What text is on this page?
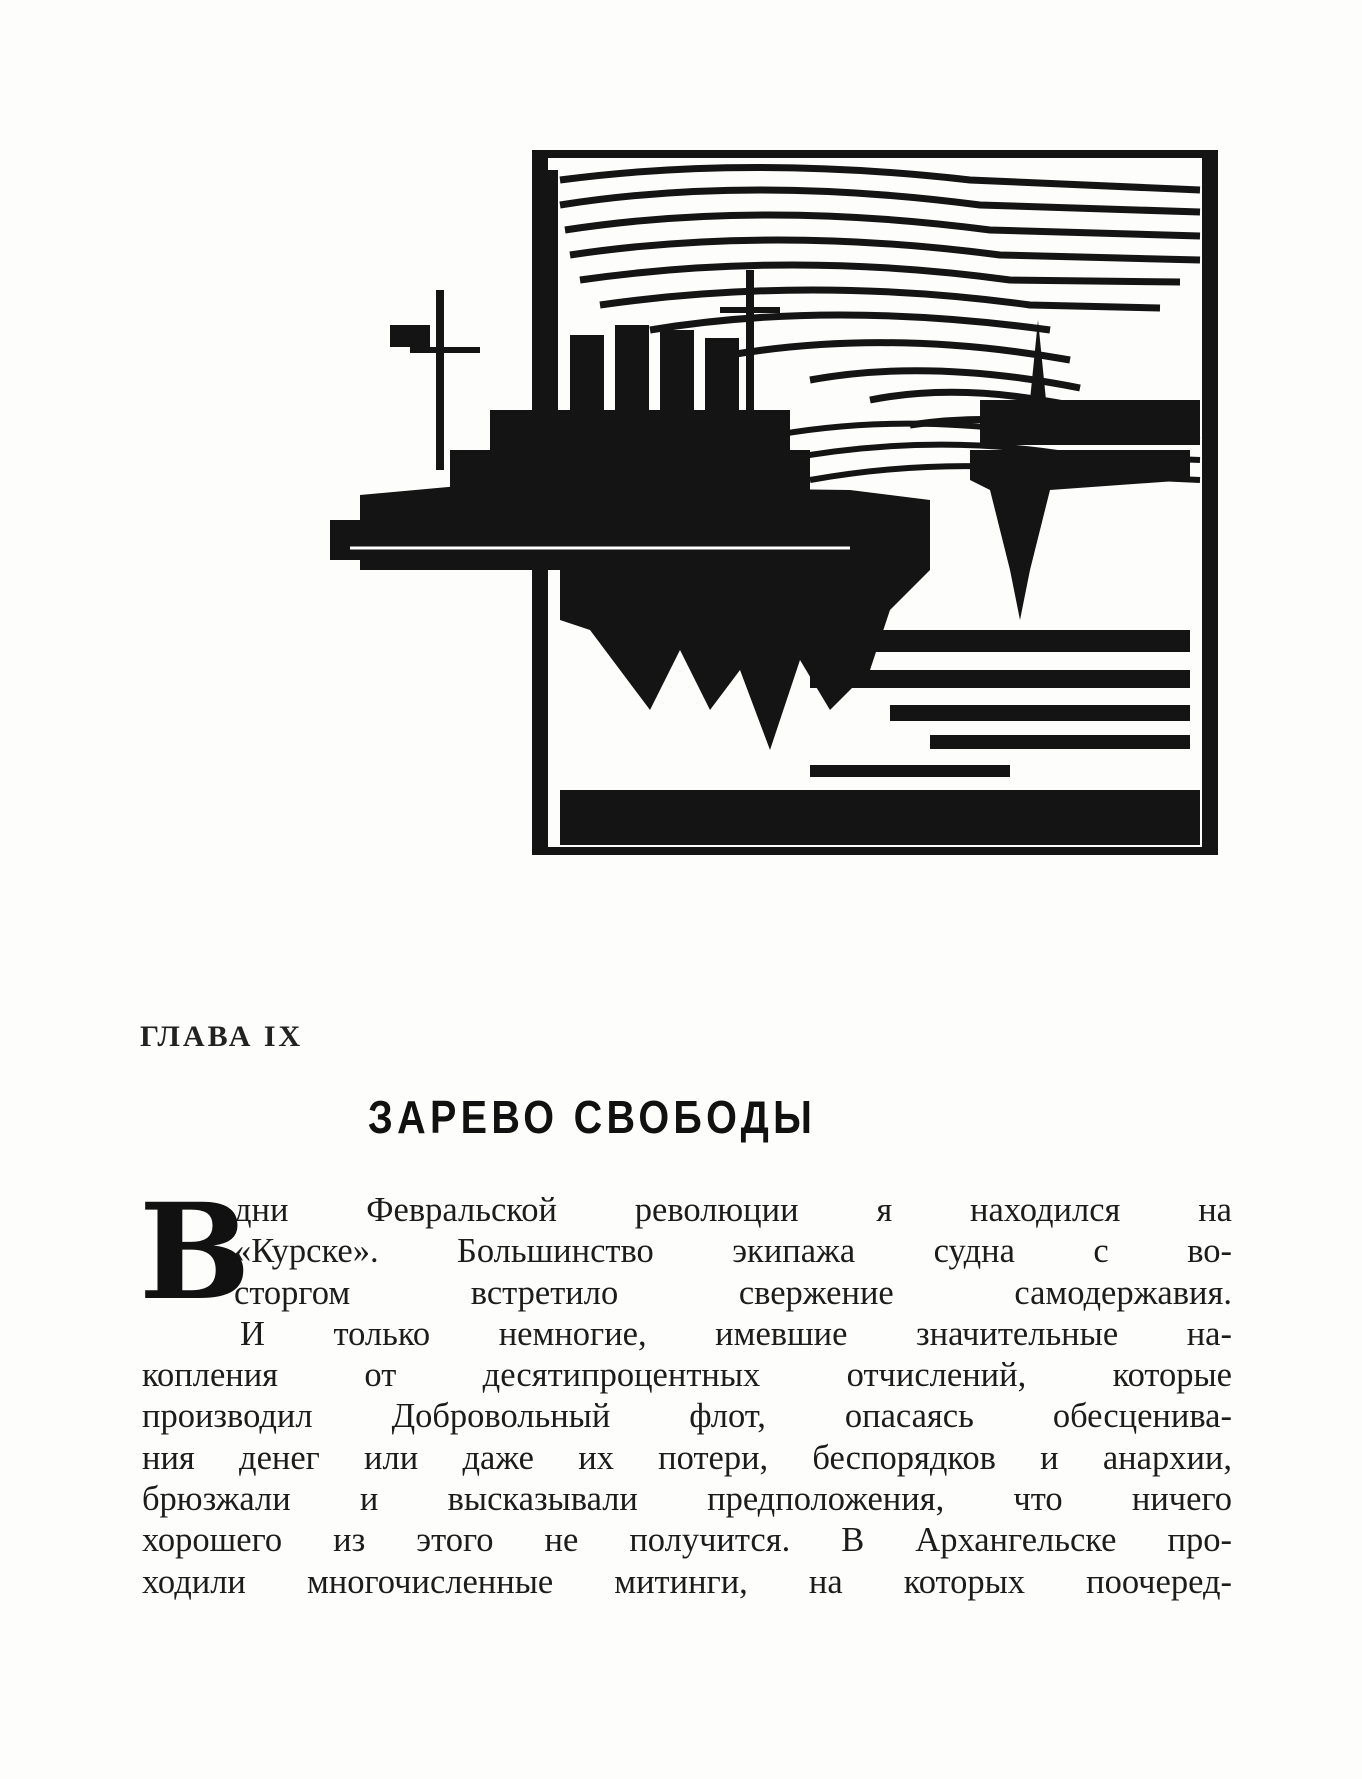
ГЛАВА IX
ЗАРЕВО СВОБОДЫ
В
дни Февральской революции я находился на
«Курске». Большинство экипажа судна с во-
сторгом встретило свержение самодержавия.
И только немногие, имевшие значительные на-
копления от десятипроцентных отчислений, которые
производил Добровольный флот, опасаясь обесценива-
ния денег или даже их потери, беспорядков и анархии,
брюзжали и высказывали предположения, что ничего
хорошего из этого не получится. В Архангельске про-
ходили многочисленные митинги, на которых поочеред-
